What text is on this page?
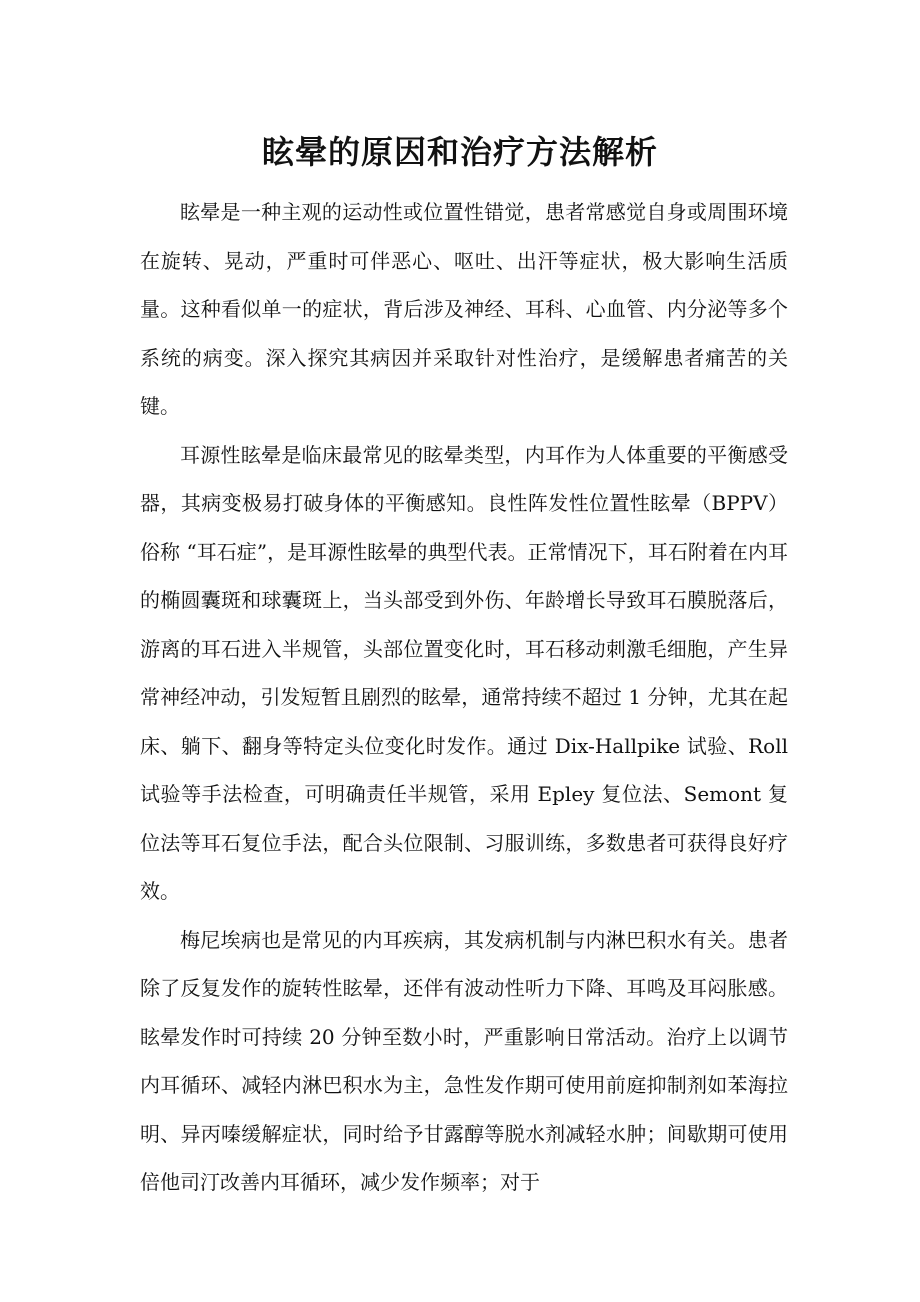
眩晕的原因和治疗方法解析

眩晕是一种主观的运动性或位置性错觉，患者常感觉自身或周围环境在旋转、晃动，严重时可伴恶心、呕吐、出汗等症状，极大影响生活质量。这种看似单一的症状，背后涉及神经、耳科、心血管、内分泌等多个系统的病变。深入探究其病因并采取针对性治疗，是缓解患者痛苦的关键。

耳源性眩晕是临床最常见的眩晕类型，内耳作为人体重要的平衡感受器，其病变极易打破身体的平衡感知。良性阵发性位置性眩晕（BPPV）俗称 “耳石症”，是耳源性眩晕的典型代表。正常情况下，耳石附着在内耳的椭圆囊斑和球囊斑上，当头部受到外伤、年龄增长导致耳石膜脱落后，游离的耳石进入半规管，头部位置变化时，耳石移动刺激毛细胞，产生异常神经冲动，引发短暂且剧烈的眩晕，通常持续不超过 1 分钟，尤其在起床、躺下、翻身等特定头位变化时发作。通过 Dix-Hallpike 试验、Roll 试验等手法检查，可明确责任半规管，采用 Epley 复位法、Semont 复位法等耳石复位手法，配合头位限制、习服训练，多数患者可获得良好疗效。

梅尼埃病也是常见的内耳疾病，其发病机制与内淋巴积水有关。患者除了反复发作的旋转性眩晕，还伴有波动性听力下降、耳鸣及耳闷胀感。眩晕发作时可持续 20 分钟至数小时，严重影响日常活动。治疗上以调节内耳循环、减轻内淋巴积水为主，急性发作期可使用前庭抑制剂如苯海拉明、异丙嗪缓解症状，同时给予甘露醇等脱水剂减轻水肿；间歇期可使用倍他司汀改善内耳循环，减少发作频率；对于
